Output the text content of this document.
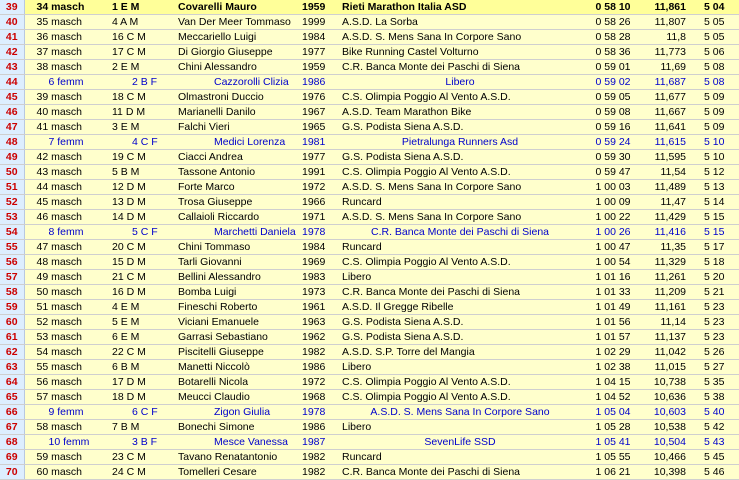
39	34 masch	1 E M	Covarelli Mauro	1959	Rieti Marathon Italia ASD	0 58 10	11,861	5 04
40	35 masch	4 A M	Van Der Meer Tommaso	1999	A.S.D. La Sorba	0 58 26	11,807	5 05
41	36 masch	16 C M	Meccariello Luigi	1984	A.S.D. S. Mens Sana In Corpore Sano	0 58 28	11,8	5 05
42	37 masch	17 C M	Di Giorgio Giuseppe	1977	Bike Running Castel Volturno	0 58 36	11,773	5 06
43	38 masch	2 E M	Chini Alessandro	1959	C.R. Banca Monte dei Paschi di Siena	0 59 01	11,69	5 08
44	6 femm	2 B F	Cazzorolli Clizia	1986	Libero	0 59 02	11,687	5 08
45	39 masch	18 C M	Olmastroni Duccio	1976	C.S. Olimpia Poggio Al Vento A.S.D.	0 59 05	11,677	5 09
46	40 masch	11 D M	Marianelli Danilo	1967	A.S.D. Team Marathon Bike	0 59 08	11,667	5 09
47	41 masch	3 E M	Falchi Vieri	1965	G.S. Podista Siena A.S.D.	0 59 16	11,641	5 09
48	7 femm	4 C F	Medici Lorenza	1981	Pietralunga Runners Asd	0 59 24	11,615	5 10
49	42 masch	19 C M	Ciacci Andrea	1977	G.S. Podista Siena A.S.D.	0 59 30	11,595	5 10
50	43 masch	5 B M	Tassone Antonio	1991	C.S. Olimpia Poggio Al Vento A.S.D.	0 59 47	11,54	5 12
51	44 masch	12 D M	Forte Marco	1972	A.S.D. S. Mens Sana In Corpore Sano	1 00 03	11,489	5 13
52	45 masch	13 D M	Trosa Giuseppe	1966	Runcard	1 00 09	11,47	5 14
53	46 masch	14 D M	Callaioli Riccardo	1971	A.S.D. S. Mens Sana In Corpore Sano	1 00 22	11,429	5 15
54	8 femm	5 C F	Marchetti Daniela	1978	C.R. Banca Monte dei Paschi di Siena	1 00 26	11,416	5 15
55	47 masch	20 C M	Chini Tommaso	1984	Runcard	1 00 47	11,35	5 17
56	48 masch	15 D M	Tarli Giovanni	1969	C.S. Olimpia Poggio Al Vento A.S.D.	1 00 54	11,329	5 18
57	49 masch	21 C M	Bellini Alessandro	1983	Libero	1 01 16	11,261	5 20
58	50 masch	16 D M	Bomba Luigi	1973	C.R. Banca Monte dei Paschi di Siena	1 01 33	11,209	5 21
59	51 masch	4 E M	Fineschi Roberto	1961	A.S.D. Il Gregge Ribelle	1 01 49	11,161	5 23
60	52 masch	5 E M	Viciani Emanuele	1963	G.S. Podista Siena A.S.D.	1 01 56	11,14	5 23
61	53 masch	6 E M	Garrasi Sebastiano	1962	G.S. Podista Siena A.S.D.	1 01 57	11,137	5 23
62	54 masch	22 C M	Piscitelli Giuseppe	1982	A.S.D. S.P. Torre del Mangia	1 02 29	11,042	5 26
63	55 masch	6 B M	Manetti Niccolò	1986	Libero	1 02 38	11,015	5 27
64	56 masch	17 D M	Botarelli Nicola	1972	C.S. Olimpia Poggio Al Vento A.S.D.	1 04 15	10,738	5 35
65	57 masch	18 D M	Meucci Claudio	1968	C.S. Olimpia Poggio Al Vento A.S.D.	1 04 52	10,636	5 38
66	9 femm	6 C F	Zigon Giulia	1978	A.S.D. S. Mens Sana In Corpore Sano	1 05 04	10,603	5 40
67	58 masch	7 B M	Bonechi Simone	1986	Libero	1 05 28	10,538	5 42
68	10 femm	3 B F	Mesce Vanessa	1987	SevenLife SSD	1 05 41	10,504	5 43
69	59 masch	23 C M	Tavano Renatantonio	1982	Runcard	1 05 55	10,466	5 45
70	60 masch	24 C M	Tomelleri Cesare	1982	C.R. Banca Monte dei Paschi di Siena	1 06 21	10,398	5 46
